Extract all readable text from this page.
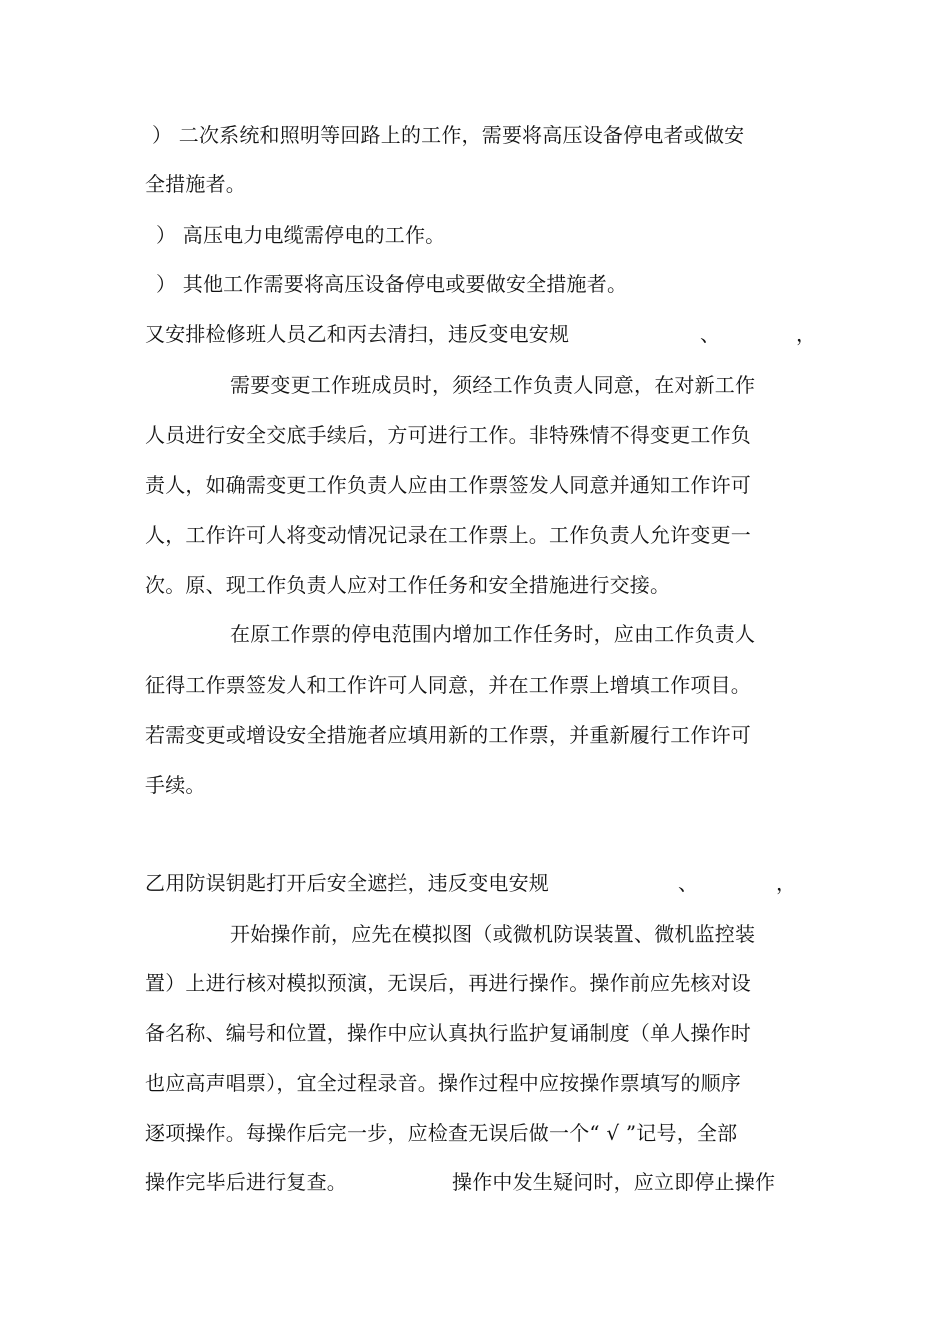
） 二次系统和照明等回路上的工作，需要将高压设备停电者或做安
全措施者。
） 高压电力电缆需停电的工作。
） 其他工作需要将高压设备停电或要做安全措施者。
又安排检修班人员乙和丙去清扫，违反变电安规	、	，
需要变更工作班成员时，须经工作负责人同意，在对新工作
人员进行安全交底手续后，方可进行工作。非特殊情不得变更工作负
责人，如确需变更工作负责人应由工作票签发人同意并通知工作许可
人，工作许可人将变动情况记录在工作票上。工作负责人允许变更一
次。原、现工作负责人应对工作任务和安全措施进行交接。
在原工作票的停电范围内增加工作任务时，应由工作负责人
征得工作票签发人和工作许可人同意，并在工作票上增填工作项目。
若需变更或增设安全措施者应填用新的工作票，并重新履行工作许可
手续。
乙用防误钥匙打开后安全遮拦，违反变电安规	、	，
开始操作前，应先在模拟图（或微机防误装置、微机监控装
置）上进行核对模拟预演，无误后，再进行操作。操作前应先核对设
备名称、编号和位置，操作中应认真执行监护复诵制度（单人操作时
也应高声唱票），宜全过程录音。操作过程中应按操作票填写的顺序
逐项操作。每操作后完一步，应检查无误后做一个“ √ ”记号，全部
操作完毕后进行复查。	操作中发生疑问时，应立即停止操作
